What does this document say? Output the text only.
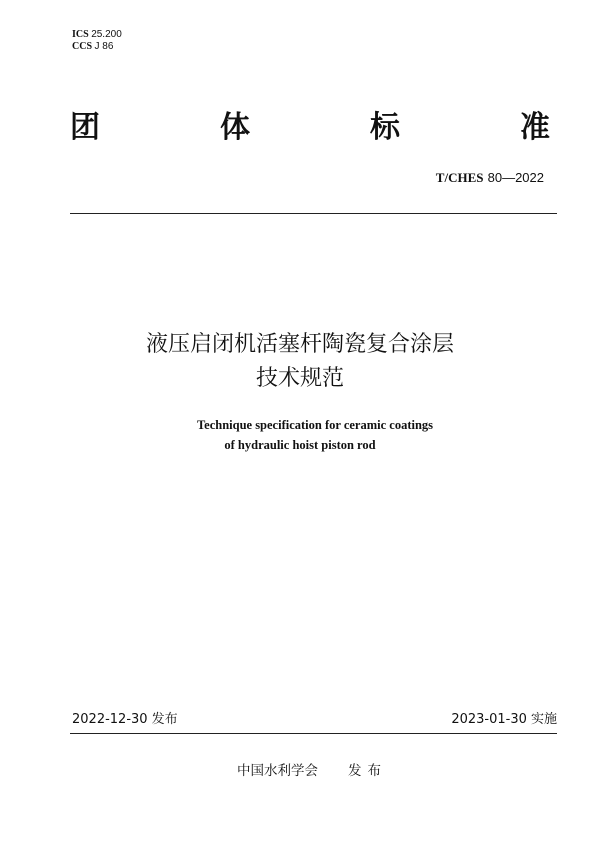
ICS 25.200
CCS J 86
团	体	标	准
T/CHES 80—2022
液压启闭机活塞杆陶瓷复合涂层
技术规范
Technique specification for ceramic coatings
of hydraulic hoist piston rod
2022-12-30 发布	2023-01-30 实施
中国水利学会 发布
